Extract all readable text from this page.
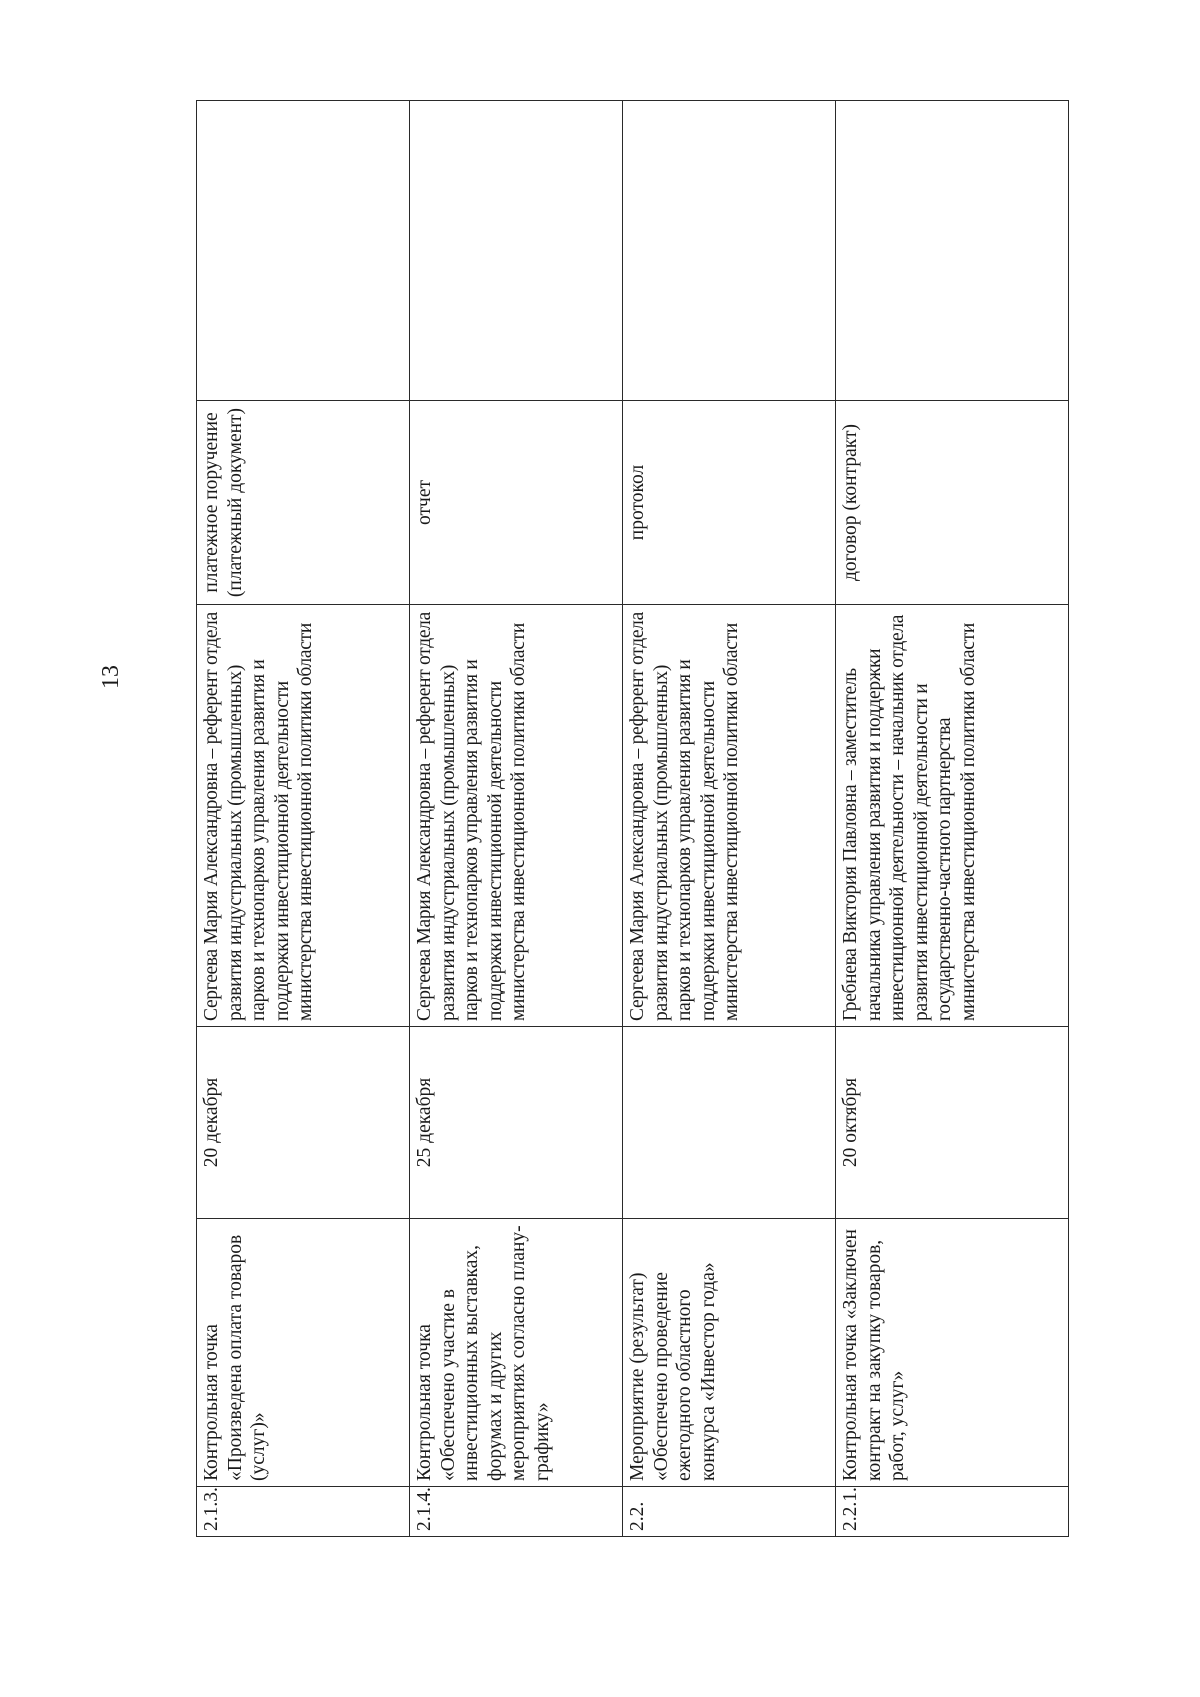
13
2.1.3.	Контрольная точка «Произведена оплата товаров (услуг)»	20 декабря	Сергеева Мария Александровна – референт отдела развития индустриальных (промышленных) парков и технопарков управления развития и поддержки инвестиционной деятельности министерства инвестиционной политики области	платежное поручение (платежный документ)	

2.1.4.	Контрольная точка «Обеспечено участие в инвестиционных выставках, форумах и других мероприятиях согласно плану-графику»	25 декабря	Сергеева Мария Александровна – референт отдела развития индустриальных (промышленных) парков и технопарков управления развития и поддержки инвестиционной деятельности министерства инвестиционной политики области	отчет	

2.2.	Мероприятие (результат) «Обеспечено проведение ежегодного областного конкурса «Инвестор года»		Сергеева Мария Александровна – референт отдела развития индустриальных (промышленных) парков и технопарков управления развития и поддержки инвестиционной деятельности министерства инвестиционной политики области	протокол	

2.2.1.	Контрольная точка «Заключен контракт на закупку товаров, работ, услуг»	20 октября	Гребнева Виктория Павловна – заместитель начальника управления развития и поддержки инвестиционной деятельности – начальник отдела развития инвестиционной деятельности и государственно-частного партнерства министерства инвестиционной политики области	договор (контракт)	
